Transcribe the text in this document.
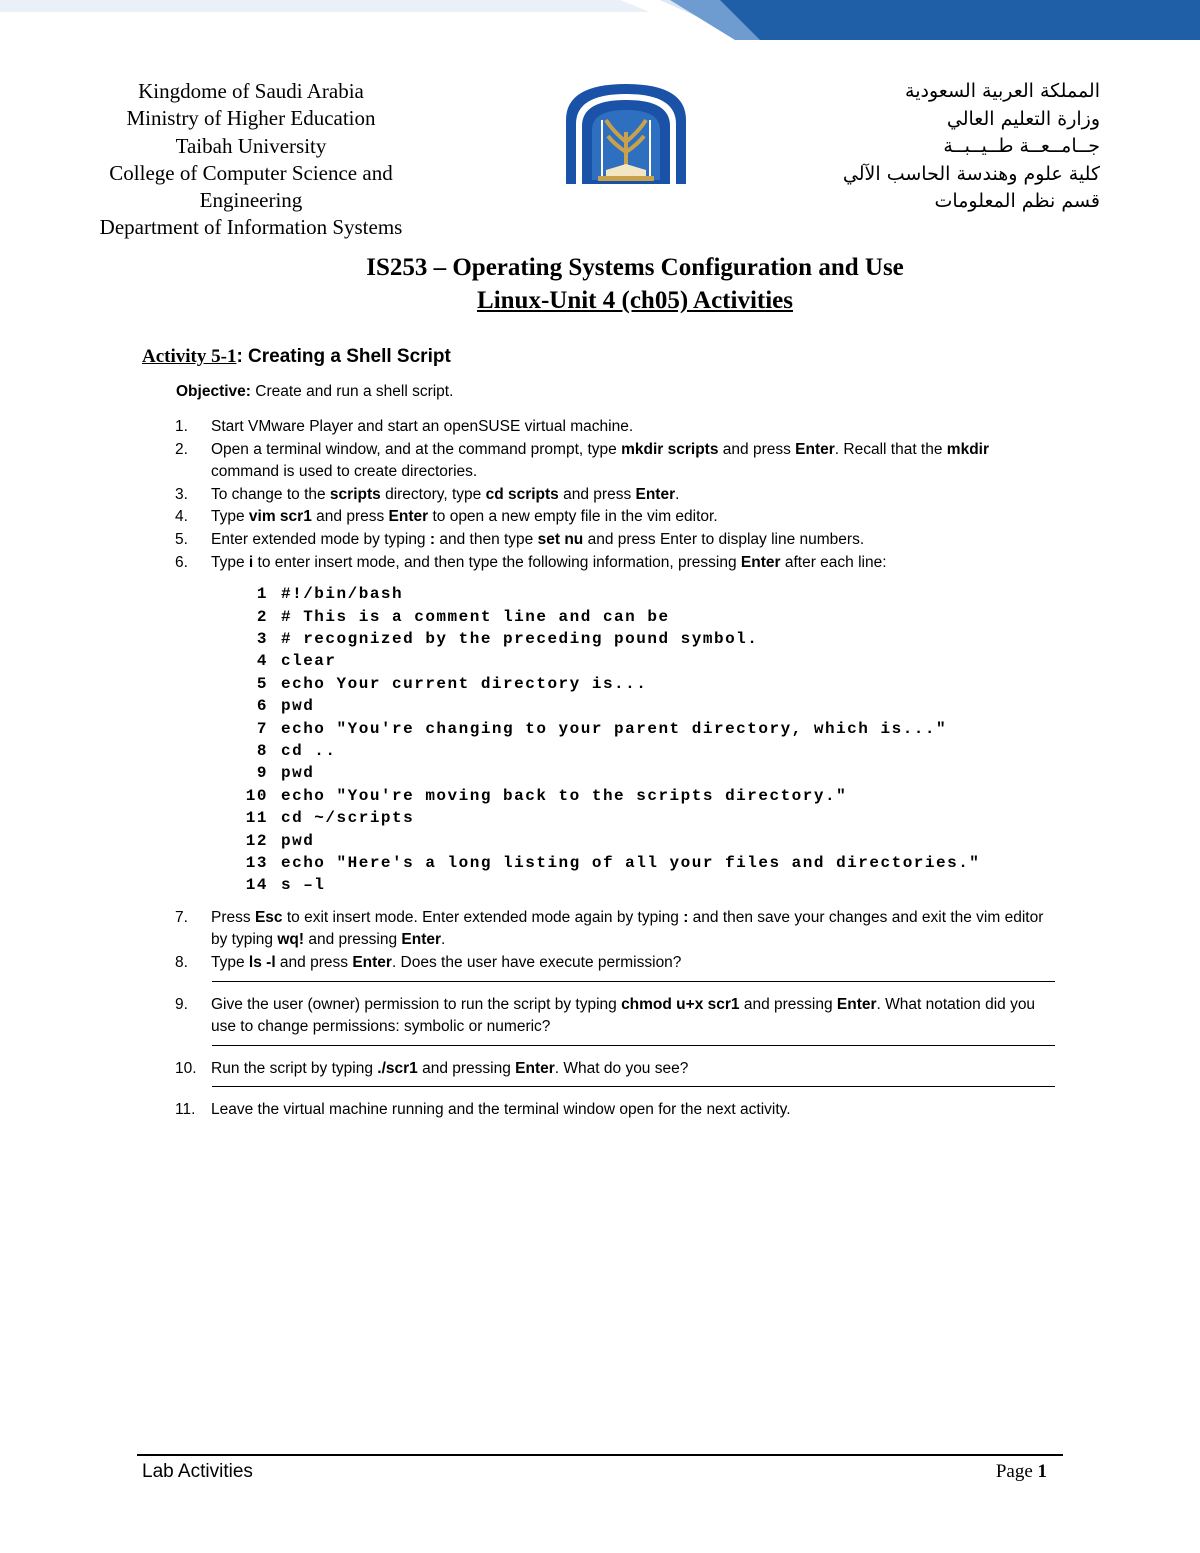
Kingdome of Saudi Arabia
Ministry of Higher Education
Taibah University
College of Computer Science and Engineering
Department of Information Systems
المملكة العربية السعودية
وزارة التعليم العالي
جــامــعــة طــيــبــة
كلية علوم وهندسة الحاسب الآلي
قسم نظم المعلومات
IS253 – Operating Systems Configuration and Use
Linux-Unit 4 (ch05) Activities
Activity 5-1: Creating a Shell Script
Objective: Create and run a shell script.
1.	Start VMware Player and start an openSUSE virtual machine.
2.	Open a terminal window, and at the command prompt, type mkdir scripts and press Enter. Recall that the mkdir command is used to create directories.
3.	To change to the scripts directory, type cd scripts and press Enter.
4.	Type vim scr1 and press Enter to open a new empty file in the vim editor.
5.	Enter extended mode by typing : and then type set nu and press Enter to display line numbers.
6.	Type i to enter insert mode, and then type the following information, pressing Enter after each line:
1 #!/bin/bash
2 # This is a comment line and can be
3 # recognized by the preceding pound symbol.
4 clear
5 echo Your current directory is...
6 pwd
7 echo "You're changing to your parent directory, which is..."
8 cd ..
9 pwd
10 echo "You're moving back to the scripts directory."
11 cd ~/scripts
12 pwd
13 echo "Here's a long listing of all your files and directories."
14 s –l
7.	Press Esc to exit insert mode. Enter extended mode again by typing : and then save your changes and exit the vim editor by typing wq! and pressing Enter.
8.	Type ls -l and press Enter. Does the user have execute permission?
9.	Give the user (owner) permission to run the script by typing chmod u+x scr1 and pressing Enter. What notation did you use to change permissions: symbolic or numeric?
10. Run the script by typing ./scr1 and pressing Enter. What do you see?
11.	Leave the virtual machine running and the terminal window open for the next activity.
Lab Activities	Page 1
